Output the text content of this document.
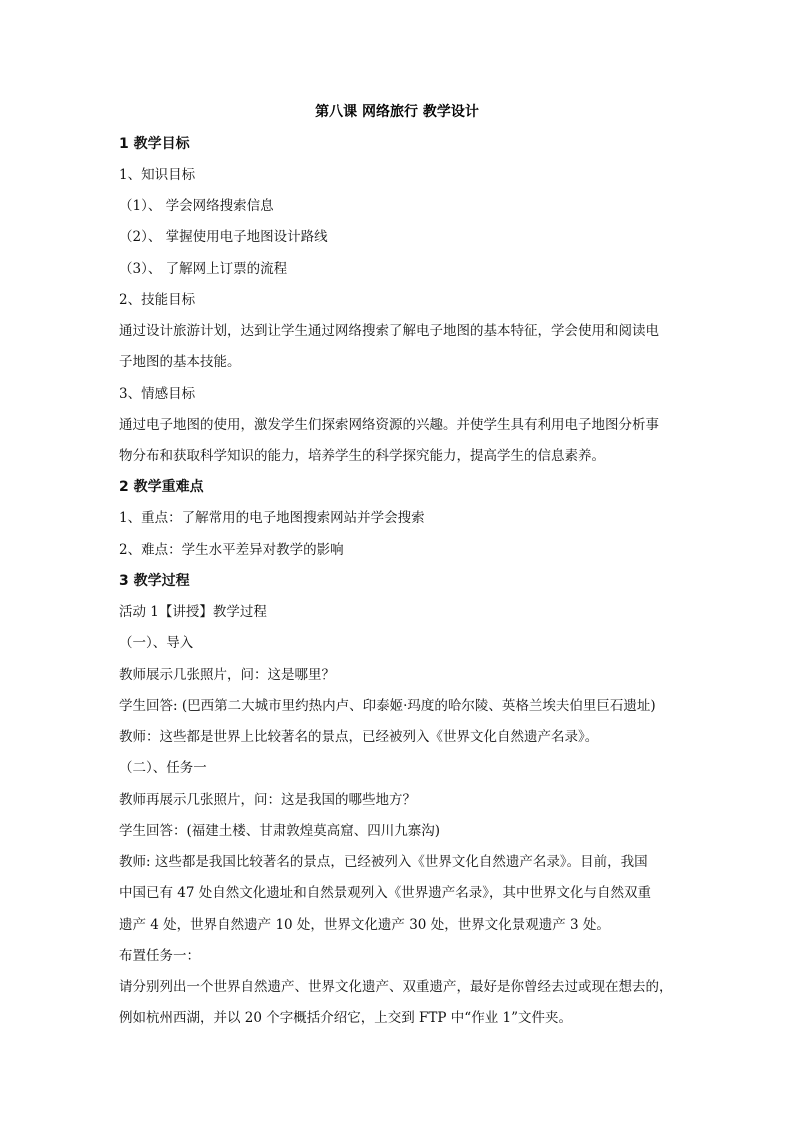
第八课 网络旅行 教学设计
1 教学目标
1、知识目标
（1）、 学会网络搜索信息
（2）、 掌握使用电子地图设计路线
（3）、 了解网上订票的流程
2、技能目标
通过设计旅游计划，达到让学生通过网络搜索了解电子地图的基本特征，学会使用和阅读电
子地图的基本技能。
3、情感目标
通过电子地图的使用，激发学生们探索网络资源的兴趣。并使学生具有利用电子地图分析事
物分布和获取科学知识的能力，培养学生的科学探究能力，提高学生的信息素养。
2 教学重难点
1、重点：了解常用的电子地图搜索网站并学会搜索
2、难点：学生水平差异对教学的影响
3 教学过程
活动 1【讲授】教学过程
（一）、导入
教师展示几张照片，问：这是哪里？
学生回答: (巴西第二大城市里约热内卢、印泰姬·玛度的哈尔陵、英格兰埃夫伯里巨石遗址)
教师：这些都是世界上比较著名的景点，已经被列入《世界文化自然遗产名录》。
（二）、任务一
教师再展示几张照片，问：这是我国的哪些地方？
学生回答：(福建土楼、甘肃敦煌莫高窟、四川九寨沟)
教师: 这些都是我国比较著名的景点，已经被列入《世界文化自然遗产名录》。目前，我国
中国已有 47 处自然文化遗址和自然景观列入《世界遗产名录》，其中世界文化与自然双重
遗产 4 处，世界自然遗产 10 处，世界文化遗产 30 处，世界文化景观遗产 3 处。
布置任务一：
请分别列出一个世界自然遗产、世界文化遗产、双重遗产，最好是你曾经去过或现在想去的，
例如杭州西湖，并以 20 个字概括介绍它，上交到 FTP 中“作业 1”文件夹。
